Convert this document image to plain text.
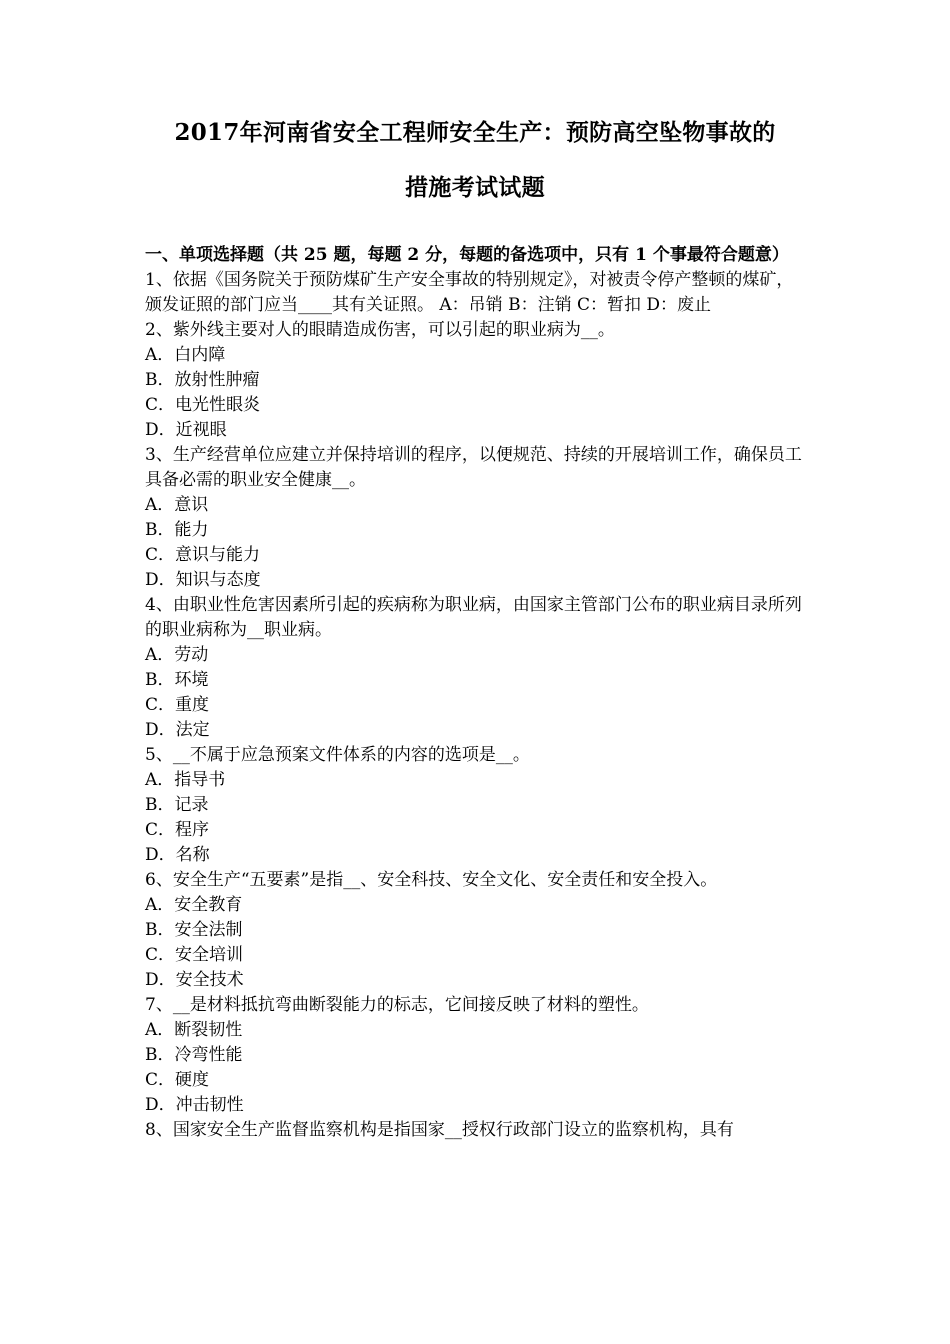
2017年河南省安全工程师安全生产：预防高空坠物事故的
措施考试试题
一、单项选择题（共 25 题，每题 2 分，每题的备选项中，只有 1 个事最符合题意）
1、依据《国务院关于预防煤矿生产安全事故的特别规定》，对被责令停产整顿的煤矿，颁发证照的部门应当____其有关证照。 A：吊销 B：注销 C：暂扣 D：废止
2、紫外线主要对人的眼睛造成伤害，可以引起的职业病为__。
A．白内障
B．放射性肿瘤
C．电光性眼炎
D．近视眼
3、生产经营单位应建立并保持培训的程序，以便规范、持续的开展培训工作，确保员工具备必需的职业安全健康__。
A．意识
B．能力
C．意识与能力
D．知识与态度
4、由职业性危害因素所引起的疾病称为职业病，由国家主管部门公布的职业病目录所列的职业病称为__职业病。
A．劳动
B．环境
C．重度
D．法定
5、__不属于应急预案文件体系的内容的选项是__。
A．指导书
B．记录
C．程序
D．名称
6、安全生产“五要素”是指__、安全科技、安全文化、安全责任和安全投入。
A．安全教育
B．安全法制
C．安全培训
D．安全技术
7、__是材料抵抗弯曲断裂能力的标志，它间接反映了材料的塑性。
A．断裂韧性
B．冷弯性能
C．硬度
D．冲击韧性
8、国家安全生产监督监察机构是指国家__授权行政部门设立的监察机构，具有
